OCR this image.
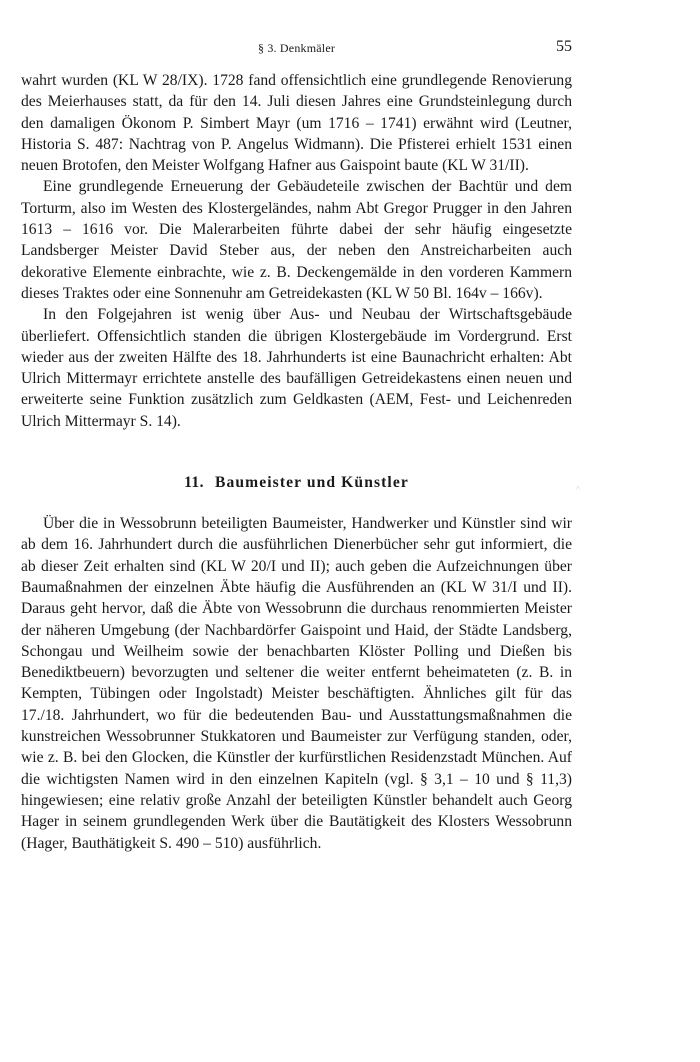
§ 3. Denkmäler	55

wahrt wurden (KL W 28/IX). 1728 fand offensichtlich eine grundlegende Renovierung des Meierhauses statt, da für den 14. Juli diesen Jahres eine Grundsteinlegung durch den damaligen Ökonom P. Simbert Mayr (um 1716 – 1741) erwähnt wird (Leutner, Historia S. 487: Nachtrag von P. Angelus Widmann). Die Pfisterei erhielt 1531 einen neuen Brotofen, den Meister Wolfgang Hafner aus Gaispoint baute (KL W 31/II).

Eine grundlegende Erneuerung der Gebäudeteile zwischen der Bachtür und dem Torturm, also im Westen des Klostergeländes, nahm Abt Gregor Prugger in den Jahren 1613 – 1616 vor. Die Malerarbeiten führte dabei der sehr häufig eingesetzte Landsberger Meister David Steber aus, der neben den Anstreicharbeiten auch dekorative Elemente einbrachte, wie z. B. Deckengemälde in den vorderen Kammern dieses Traktes oder eine Sonnenuhr am Getreidekasten (KL W 50 Bl. 164v – 166v).

In den Folgejahren ist wenig über Aus- und Neubau der Wirtschaftsgebäude überliefert. Offensichtlich standen die übrigen Klostergebäude im Vordergrund. Erst wieder aus der zweiten Hälfte des 18. Jahrhunderts ist eine Baunachricht erhalten: Abt Ulrich Mittermayr errichtete anstelle des baufälligen Getreidekastens einen neuen und erweiterte seine Funktion zusätzlich zum Geldkasten (AEM, Fest- und Leichenreden Ulrich Mittermayr S. 14).

11. Baumeister und Künstler

Über die in Wessobrunn beteiligten Baumeister, Handwerker und Künstler sind wir ab dem 16. Jahrhundert durch die ausführlichen Dienerbücher sehr gut informiert, die ab dieser Zeit erhalten sind (KL W 20/I und II); auch geben die Aufzeichnungen über Baumaßnahmen der einzelnen Äbte häufig die Ausführenden an (KL W 31/I und II). Daraus geht hervor, daß die Äbte von Wessobrunn die durchaus renommierten Meister der näheren Umgebung (der Nachbardörfer Gaispoint und Haid, der Städte Landsberg, Schongau und Weilheim sowie der benachbarten Klöster Polling und Dießen bis Benediktbeuern) bevorzugten und seltener die weiter entfernt beheimateten (z. B. in Kempten, Tübingen oder Ingolstadt) Meister beschäftigten. Ähnliches gilt für das 17./18. Jahrhundert, wo für die bedeutenden Bau- und Ausstattungsmaßnahmen die kunstreichen Wessobrunner Stukkatoren und Baumeister zur Verfügung standen, oder, wie z. B. bei den Glocken, die Künstler der kurfürstlichen Residenzstadt München. Auf die wichtigsten Namen wird in den einzelnen Kapiteln (vgl. § 3,1 – 10 und § 11,3) hingewiesen; eine relativ große Anzahl der beteiligten Künstler behandelt auch Georg Hager in seinem grundlegenden Werk über die Bautätigkeit des Klosters Wessobrunn (Hager, Bauthätigkeit S. 490 – 510) ausführlich.

^
